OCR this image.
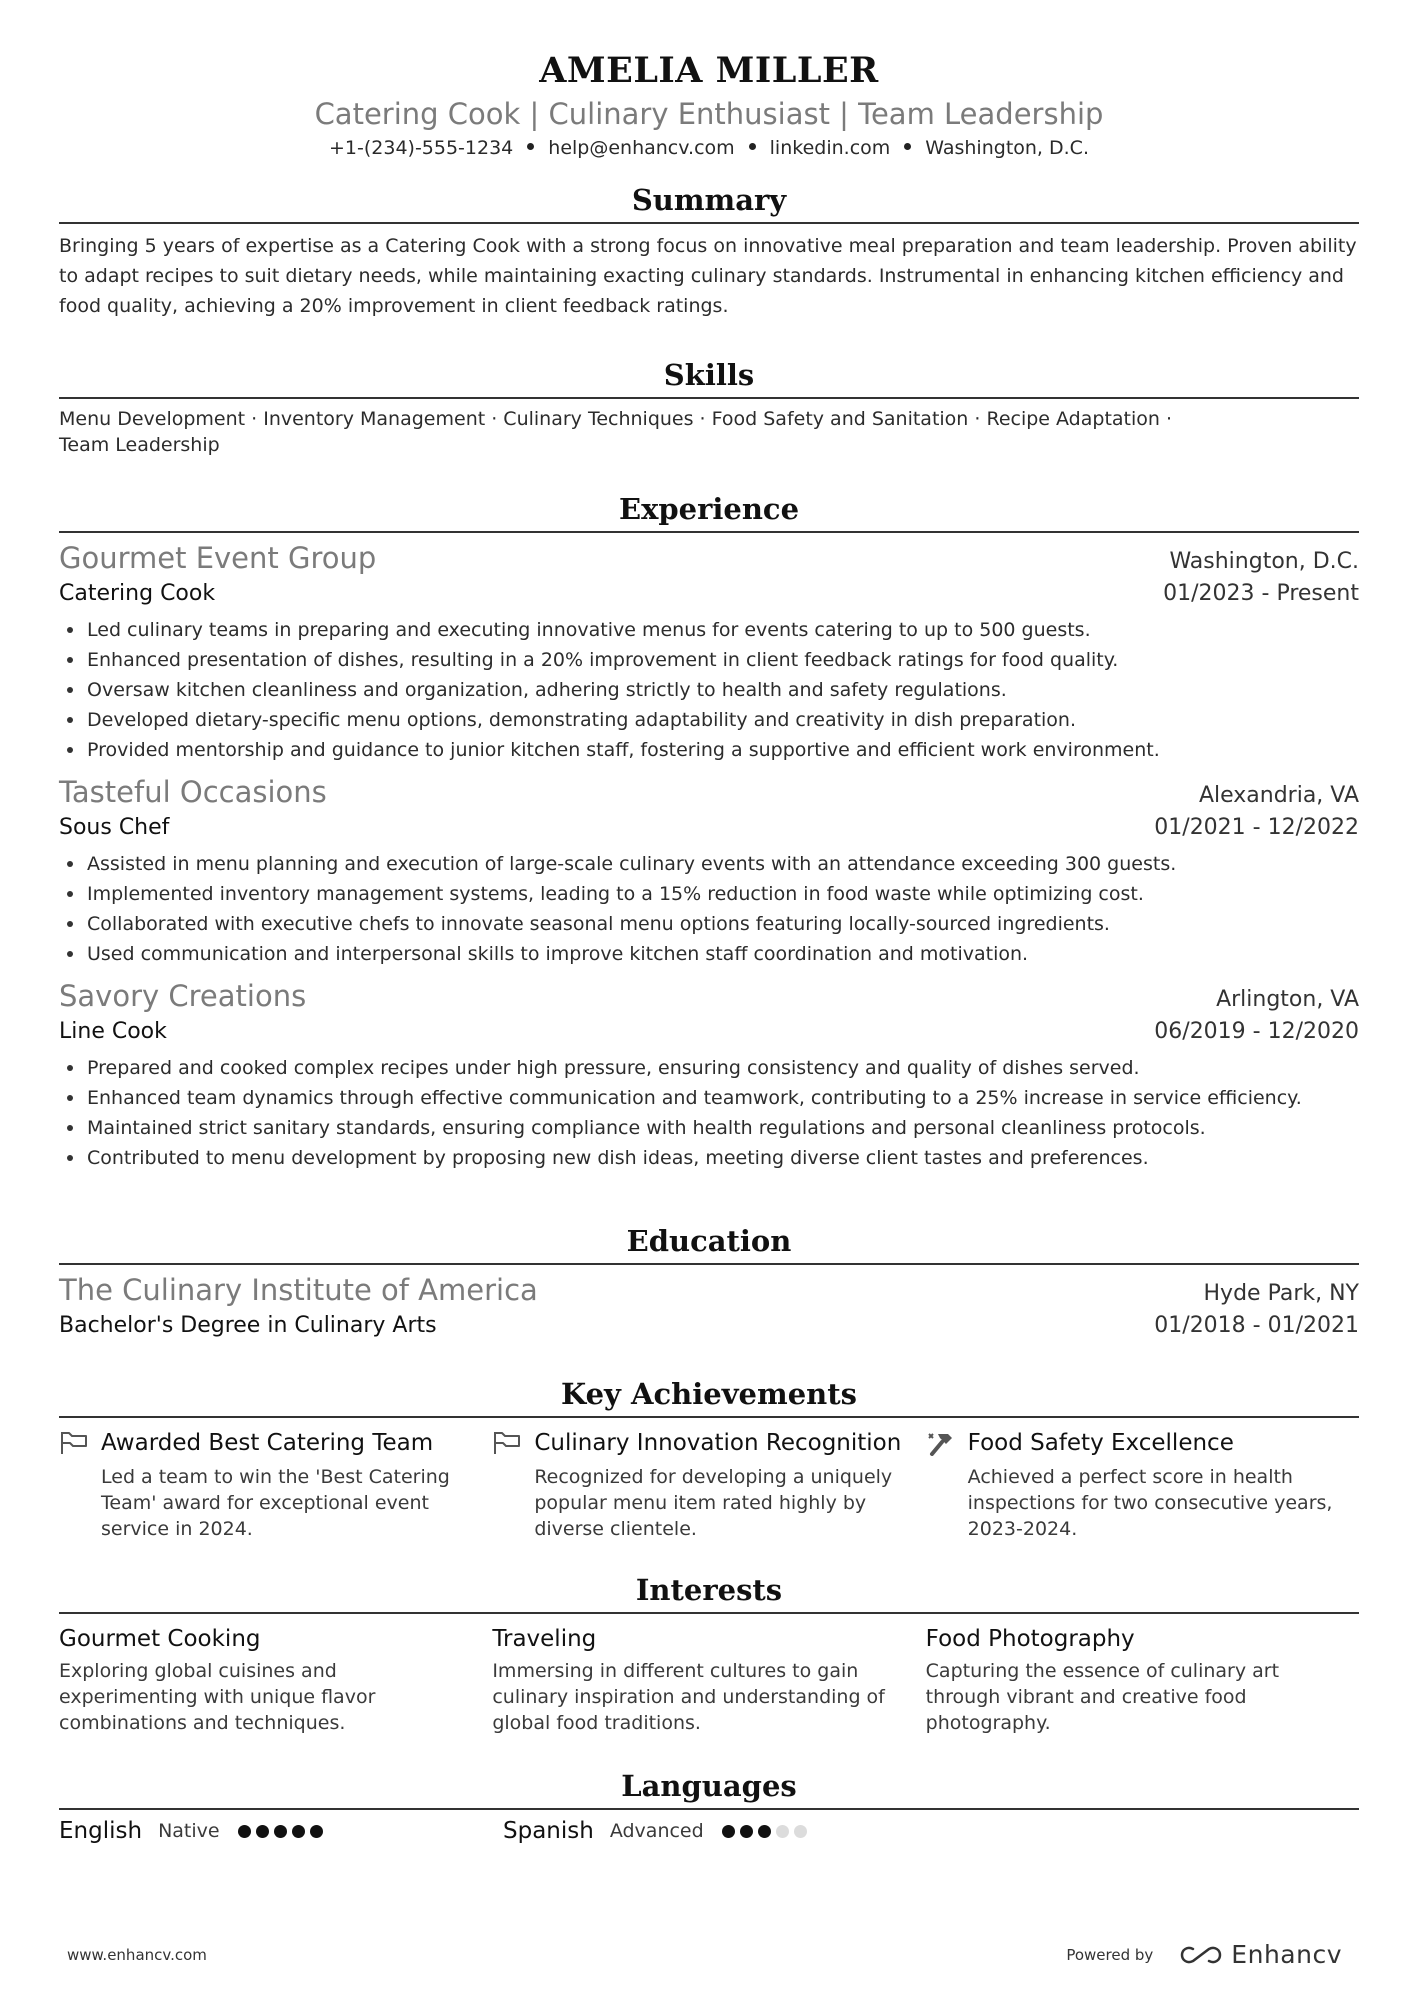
AMELIA MILLER
Catering Cook | Culinary Enthusiast | Team Leadership
+1-(234)-555-1234 help@enhancv.com linkedin.com Washington, D.C.
Summary
Bringing 5 years of expertise as a Catering Cook with a strong focus on innovative meal preparation and team leadership. Proven ability to adapt recipes to suit dietary needs, while maintaining exacting culinary standards. Instrumental in enhancing kitchen efficiency and food quality, achieving a 20% improvement in client feedback ratings.
Skills
Menu Development · Inventory Management · Culinary Techniques · Food Safety and Sanitation · Recipe Adaptation ·
Team Leadership
Experience
Gourmet Event Group	Washington, D.C.
Catering Cook	01/2023 - Present
Led culinary teams in preparing and executing innovative menus for events catering to up to 500 guests.
Enhanced presentation of dishes, resulting in a 20% improvement in client feedback ratings for food quality.
Oversaw kitchen cleanliness and organization, adhering strictly to health and safety regulations.
Developed dietary-specific menu options, demonstrating adaptability and creativity in dish preparation.
Provided mentorship and guidance to junior kitchen staff, fostering a supportive and efficient work environment.
Tasteful Occasions	Alexandria, VA
Sous Chef	01/2021 - 12/2022
Assisted in menu planning and execution of large-scale culinary events with an attendance exceeding 300 guests.
Implemented inventory management systems, leading to a 15% reduction in food waste while optimizing cost.
Collaborated with executive chefs to innovate seasonal menu options featuring locally-sourced ingredients.
Used communication and interpersonal skills to improve kitchen staff coordination and motivation.
Savory Creations	Arlington, VA
Line Cook	06/2019 - 12/2020
Prepared and cooked complex recipes under high pressure, ensuring consistency and quality of dishes served.
Enhanced team dynamics through effective communication and teamwork, contributing to a 25% increase in service efficiency.
Maintained strict sanitary standards, ensuring compliance with health regulations and personal cleanliness protocols.
Contributed to menu development by proposing new dish ideas, meeting diverse client tastes and preferences.
Education
The Culinary Institute of America	Hyde Park, NY
Bachelor's Degree in Culinary Arts	01/2018 - 01/2021
Key Achievements
Awarded Best Catering Team
Led a team to win the 'Best Catering Team' award for exceptional event service in 2024.
Culinary Innovation Recognition
Recognized for developing a uniquely popular menu item rated highly by diverse clientele.
Food Safety Excellence
Achieved a perfect score in health inspections for two consecutive years, 2023-2024.
Interests
Gourmet Cooking
Exploring global cuisines and experimenting with unique flavor combinations and techniques.
Traveling
Immersing in different cultures to gain culinary inspiration and understanding of global food traditions.
Food Photography
Capturing the essence of culinary art through vibrant and creative food photography.
Languages
English Native	Spanish Advanced
www.enhancv.com	Powered by	Enhancv
